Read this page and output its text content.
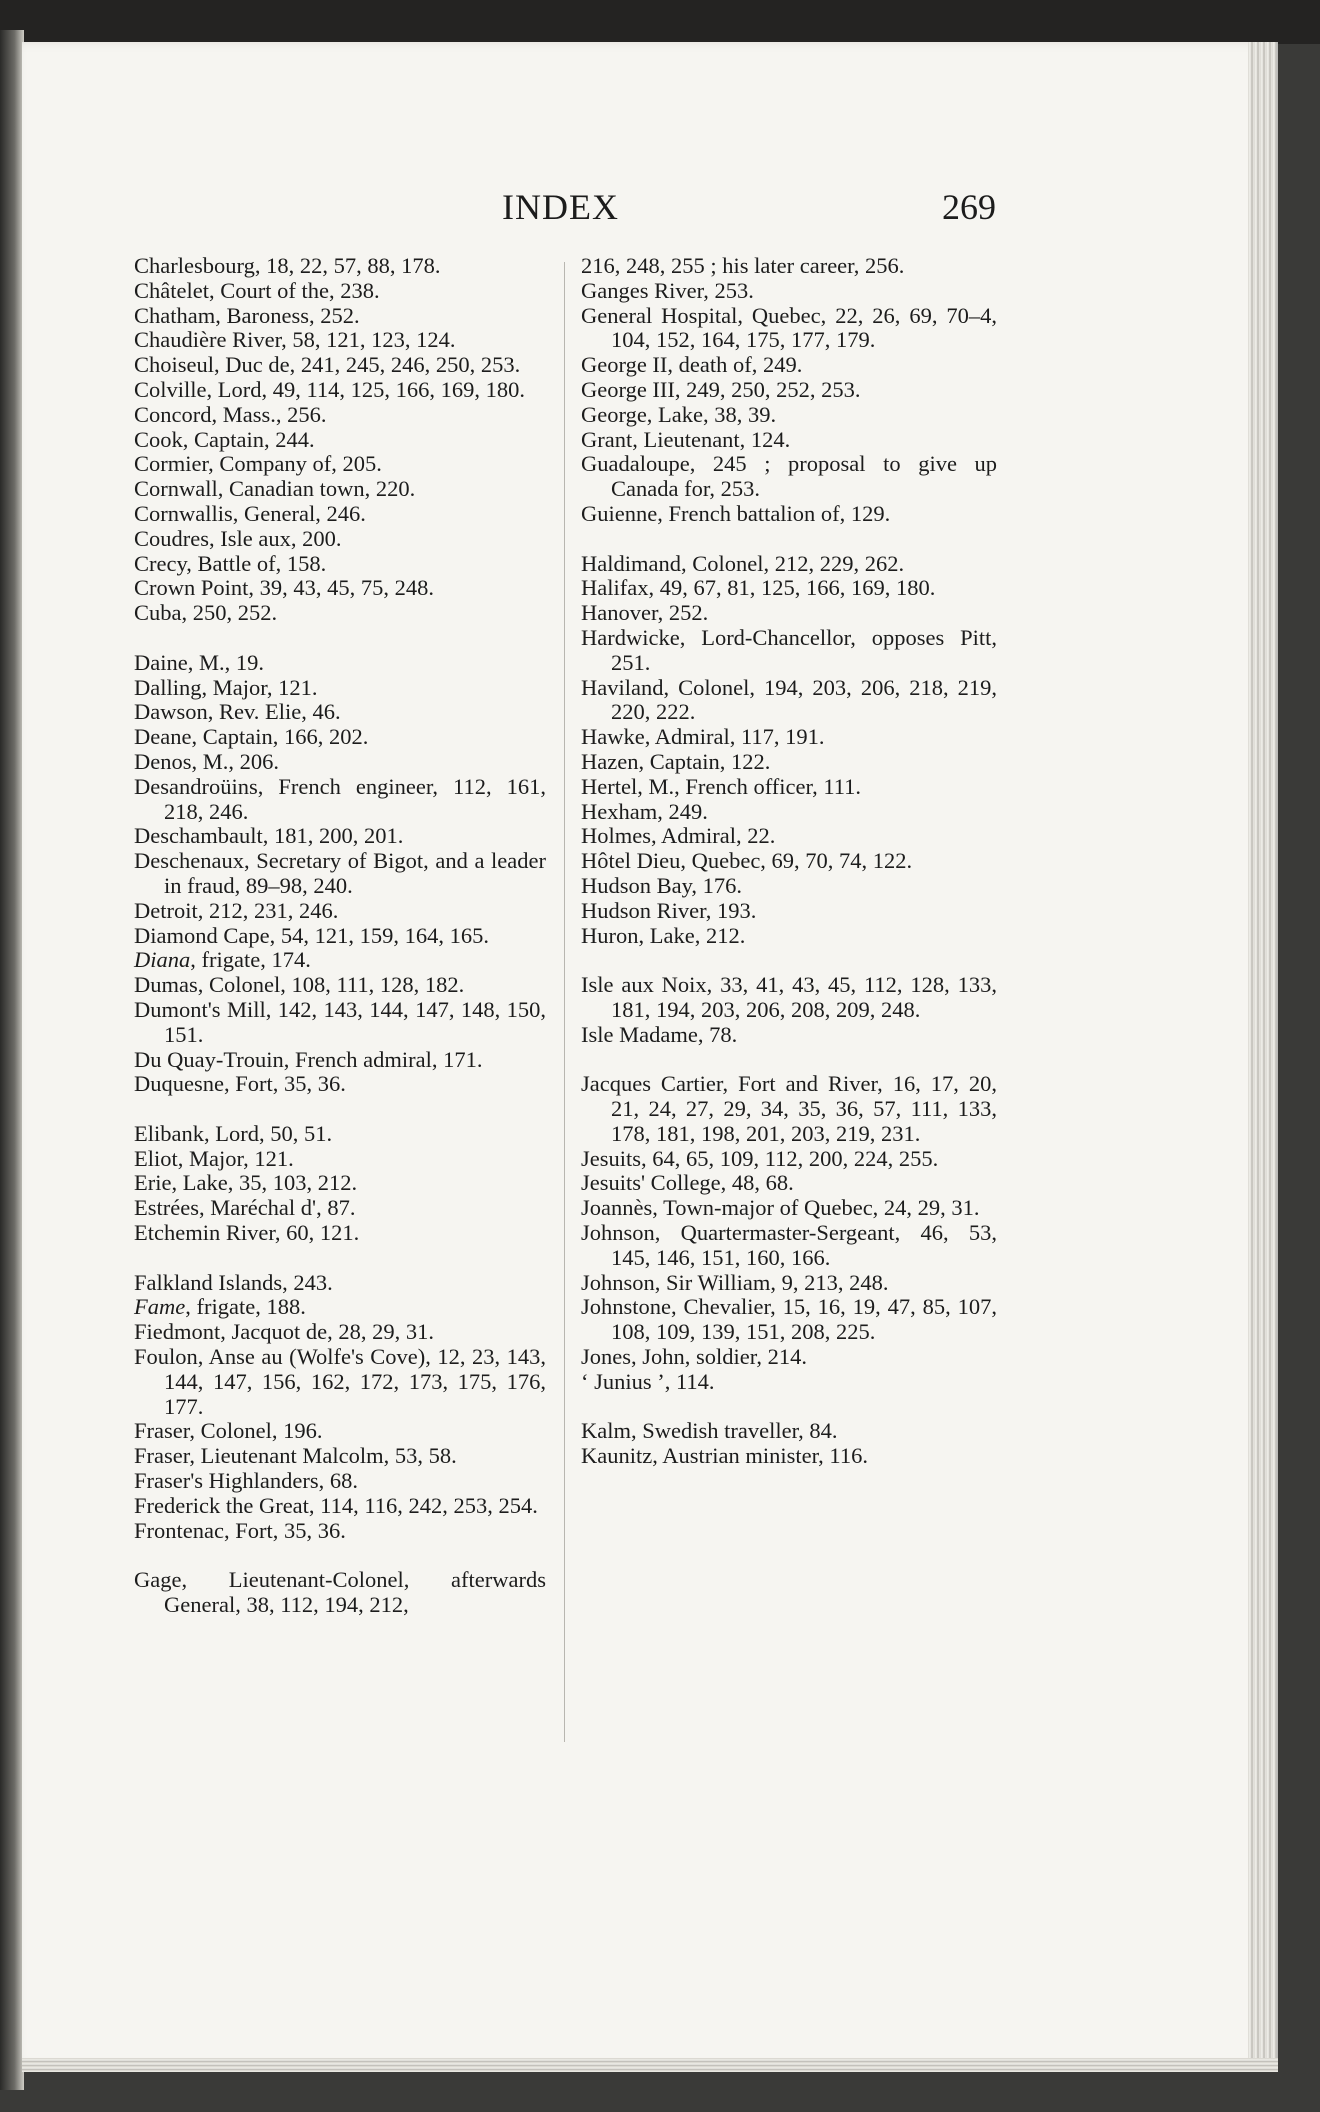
INDEX	269
Charlesbourg, 18, 22, 57, 88, 178.
Châtelet, Court of the, 238.
Chatham, Baroness, 252.
Chaudière River, 58, 121, 123, 124.
Choiseul, Duc de, 241, 245, 246, 250, 253.
Colville, Lord, 49, 114, 125, 166, 169, 180.
Concord, Mass., 256.
Cook, Captain, 244.
Cormier, Company of, 205.
Cornwall, Canadian town, 220.
Cornwallis, General, 246.
Coudres, Isle aux, 200.
Crecy, Battle of, 158.
Crown Point, 39, 43, 45, 75, 248.
Cuba, 250, 252.
Daine, M., 19.
Dalling, Major, 121.
Dawson, Rev. Elie, 46.
Deane, Captain, 166, 202.
Denos, M., 206.
Desandroüins, French engineer, 112, 161, 218, 246.
Deschambault, 181, 200, 201.
Deschenaux, Secretary of Bigot, and a leader in fraud, 89–98, 240.
Detroit, 212, 231, 246.
Diamond Cape, 54, 121, 159, 164, 165.
Diana, frigate, 174.
Dumas, Colonel, 108, 111, 128, 182.
Dumont's Mill, 142, 143, 144, 147, 148, 150, 151.
Du Quay-Trouin, French admiral, 171.
Duquesne, Fort, 35, 36.
Elibank, Lord, 50, 51.
Eliot, Major, 121.
Erie, Lake, 35, 103, 212.
Estrées, Maréchal d', 87.
Etchemin River, 60, 121.
Falkland Islands, 243.
Fame, frigate, 188.
Fiedmont, Jacquot de, 28, 29, 31.
Foulon, Anse au (Wolfe's Cove), 12, 23, 143, 144, 147, 156, 162, 172, 173, 175, 176, 177.
Fraser, Colonel, 196.
Fraser, Lieutenant Malcolm, 53, 58.
Fraser's Highlanders, 68.
Frederick the Great, 114, 116, 242, 253, 254.
Frontenac, Fort, 35, 36.
Gage, Lieutenant-Colonel, afterwards General, 38, 112, 194, 212,
216, 248, 255 ; his later career, 256.
Ganges River, 253.
General Hospital, Quebec, 22, 26, 69, 70–4, 104, 152, 164, 175, 177, 179.
George II, death of, 249.
George III, 249, 250, 252, 253.
George, Lake, 38, 39.
Grant, Lieutenant, 124.
Guadaloupe, 245 ; proposal to give up Canada for, 253.
Guienne, French battalion of, 129.
Haldimand, Colonel, 212, 229, 262.
Halifax, 49, 67, 81, 125, 166, 169, 180.
Hanover, 252.
Hardwicke, Lord-Chancellor, opposes Pitt, 251.
Haviland, Colonel, 194, 203, 206, 218, 219, 220, 222.
Hawke, Admiral, 117, 191.
Hazen, Captain, 122.
Hertel, M., French officer, 111.
Hexham, 249.
Holmes, Admiral, 22.
Hôtel Dieu, Quebec, 69, 70, 74, 122.
Hudson Bay, 176.
Hudson River, 193.
Huron, Lake, 212.
Isle aux Noix, 33, 41, 43, 45, 112, 128, 133, 181, 194, 203, 206, 208, 209, 248.
Isle Madame, 78.
Jacques Cartier, Fort and River, 16, 17, 20, 21, 24, 27, 29, 34, 35, 36, 57, 111, 133, 178, 181, 198, 201, 203, 219, 231.
Jesuits, 64, 65, 109, 112, 200, 224, 255.
Jesuits' College, 48, 68.
Joannès, Town-major of Quebec, 24, 29, 31.
Johnson, Quartermaster-Sergeant, 46, 53, 145, 146, 151, 160, 166.
Johnson, Sir William, 9, 213, 248.
Johnstone, Chevalier, 15, 16, 19, 47, 85, 107, 108, 109, 139, 151, 208, 225.
Jones, John, soldier, 214.
‘ Junius ’, 114.
Kalm, Swedish traveller, 84.
Kaunitz, Austrian minister, 116.
